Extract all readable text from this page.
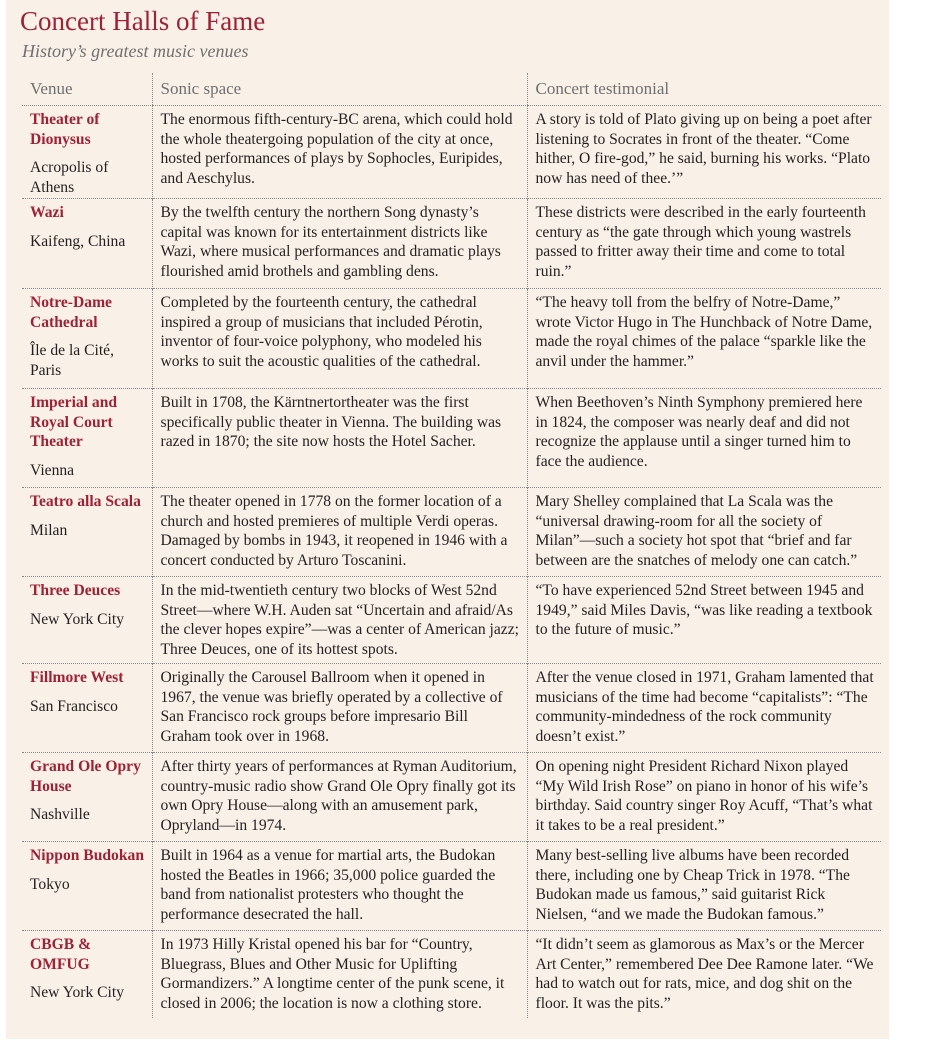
Concert Halls of Fame
History’s greatest music venues
Venue	Sonic space	Concert testimonial

Theater of Dionysus
Acropolis of Athens	The enormous fifth-century-BC arena, which could hold the whole theatergoing population of the city at once, hosted performances of plays by Sophocles, Euripides, and Aeschylus.	A story is told of Plato giving up on being a poet after listening to Socrates in front of the theater. “Come hither, O fire-god,” he said, burning his works. “Plato now has need of thee.’”

Wazi
Kaifeng, China	By the twelfth century the northern Song dynasty’s capital was known for its entertainment districts like Wazi, where musical performances and dramatic plays flourished amid brothels and gambling dens.	These districts were described in the early fourteenth century as “the gate through which young wastrels passed to fritter away their time and come to total ruin.”

Notre-Dame Cathedral
Île de la Cité, Paris	Completed by the fourteenth century, the cathedral inspired a group of musicians that included Pérotin, inventor of four-voice polyphony, who modeled his works to suit the acoustic qualities of the cathedral.	“The heavy toll from the belfry of Notre-Dame,” wrote Victor Hugo in The Hunchback of Notre Dame, made the royal chimes of the palace “sparkle like the anvil under the hammer.”

Imperial and Royal Court Theater
Vienna	Built in 1708, the Kärntnertortheater was the first specifically public theater in Vienna. The building was razed in 1870; the site now hosts the Hotel Sacher.	When Beethoven’s Ninth Symphony premiered here in 1824, the composer was nearly deaf and did not recognize the applause until a singer turned him to face the audience.

Teatro alla Scala
Milan	The theater opened in 1778 on the former location of a church and hosted premieres of multiple Verdi operas. Damaged by bombs in 1943, it reopened in 1946 with a concert conducted by Arturo Toscanini.	Mary Shelley complained that La Scala was the “universal drawing-room for all the society of Milan”—such a society hot spot that “brief and far between are the snatches of melody one can catch.”

Three Deuces
New York City	In the mid-twentieth century two blocks of West 52nd Street—where W.H. Auden sat “Uncertain and afraid/As the clever hopes expire”—was a center of American jazz; Three Deuces, one of its hottest spots.	“To have experienced 52nd Street between 1945 and 1949,” said Miles Davis, “was like reading a textbook to the future of music.”

Fillmore West
San Francisco	Originally the Carousel Ballroom when it opened in 1967, the venue was briefly operated by a collective of San Francisco rock groups before impresario Bill Graham took over in 1968.	After the venue closed in 1971, Graham lamented that musicians of the time had become “capitalists”: “The community-mindedness of the rock community doesn’t exist.”

Grand Ole Opry House
Nashville	After thirty years of performances at Ryman Auditorium, country-music radio show Grand Ole Opry finally got its own Opry House—along with an amusement park, Opryland—in 1974.	On opening night President Richard Nixon played “My Wild Irish Rose” on piano in honor of his wife’s birthday. Said country singer Roy Acuff, “That’s what it takes to be a real president.”

Nippon Budokan
Tokyo	Built in 1964 as a venue for martial arts, the Budokan hosted the Beatles in 1966; 35,000 police guarded the band from nationalist protesters who thought the performance desecrated the hall.	Many best-selling live albums have been recorded there, including one by Cheap Trick in 1978. “The Budokan made us famous,” said guitarist Rick Nielsen, “and we made the Budokan famous.”

CBGB & OMFUG
New York City	In 1973 Hilly Kristal opened his bar for “Country, Bluegrass, Blues and Other Music for Uplifting Gormandizers.” A longtime center of the punk scene, it closed in 2006; the location is now a clothing store.	“It didn’t seem as glamorous as Max’s or the Mercer Art Center,” remembered Dee Dee Ramone later. “We had to watch out for rats, mice, and dog shit on the floor. It was the pits.”
